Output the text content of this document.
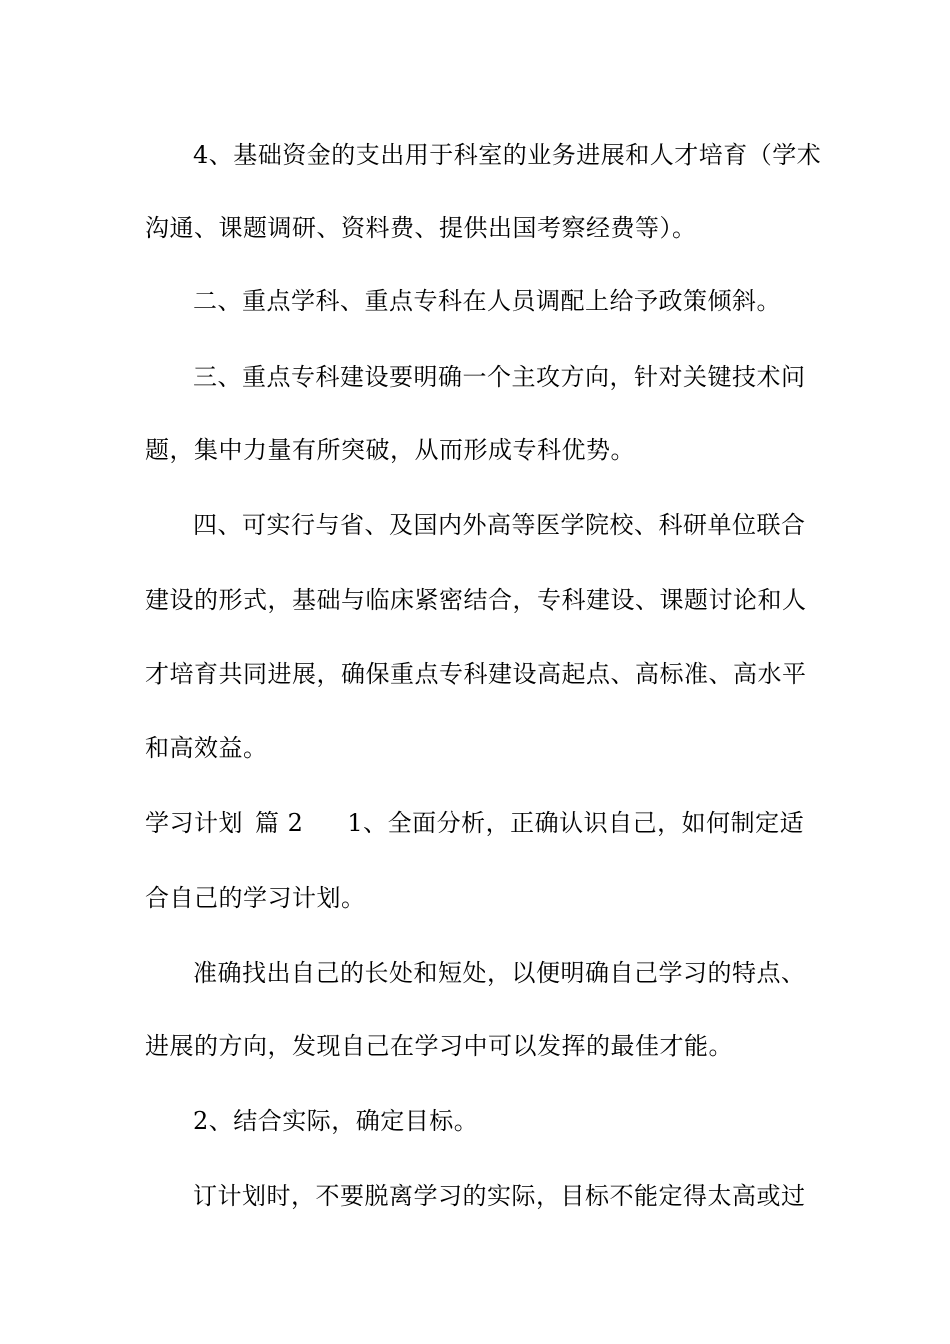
4、基础资金的支出用于科室的业务进展和人才培育（学术
沟通、课题调研、资料费、提供出国考察经费等）。
二、重点学科、重点专科在人员调配上给予政策倾斜。
三、重点专科建设要明确一个主攻方向，针对关键技术问
题，集中力量有所突破，从而形成专科优势。
四、可实行与省、及国内外高等医学院校、科研单位联合
建设的形式，基础与临床紧密结合，专科建设、课题讨论和人
才培育共同进展，确保重点专科建设高起点、高标准、高水平
和高效益。
学习计划 篇 2 1、全面分析，正确认识自己，如何制定适
合自己的学习计划。
准确找出自己的长处和短处，以便明确自己学习的特点、
进展的方向，发现自己在学习中可以发挥的最佳才能。
2、结合实际，确定目标。
订计划时，不要脱离学习的实际，目标不能定得太高或过
